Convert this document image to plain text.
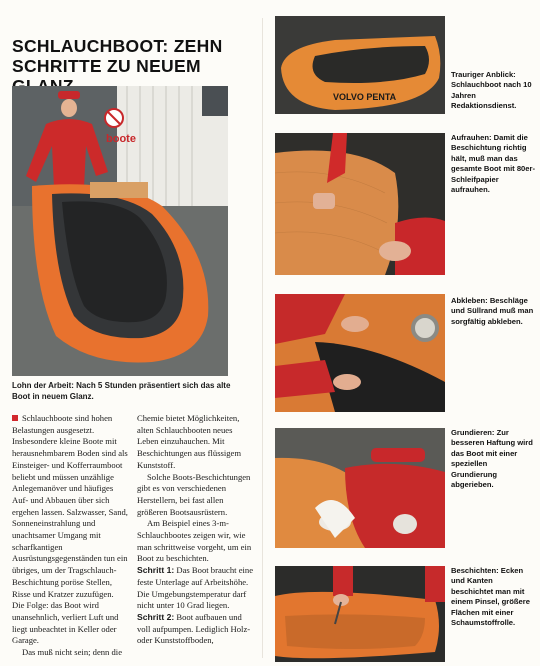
SCHLAUCHBOOT: ZEHN
SCHRITTE ZU NEUEM
boote
Lohn der Arbeit: Nach 5 Stunden präsentiert sich das alte Boot in neuem Glanz.

Schlauchboote sind hohen Belastungen ausgesetzt. Insbesondere kleine Boote mit herausnehmbarem Boden sind als Einsteiger- und Kofferraumboot beliebt und müssen unzählige Anlegemanöver und häufiges Auf- und Abbauen über sich ergehen lassen. Salzwasser, Sand, Sonneneinstrahlung und unachtsamer Umgang mit scharfkantigen Ausrüstungsgegenständen tun ein übriges, um der Tragschlauch-Beschichtung poröse Stellen, Risse und Kratzer zuzufügen. Die Folge: das Boot wird unansehnlich, verliert Luft und liegt unbeachtet in Keller oder Garage.

Das muß nicht sein; denn die

Chemie bietet Möglichkeiten, alten Schlauchbooten neues Leben einzuhauchen. Mit Beschichtungen aus flüssigem Kunststoff.

Solche Boots-Beschichtungen gibt es von verschiedenen Herstellern, bei fast allen größeren Bootsausrüstern.

Am Beispiel eines 3-m-Schlauchbootes zeigen wir, wie man schrittweise vorgeht, um ein Boot zu beschichten.

Schritt 1: Das Boot braucht eine feste Unterlage auf Arbeitshöhe. Die Umgebungstemperatur darf nicht unter 10 Grad liegen.

Schritt 2: Boot aufbauen und voll aufpumpen. Lediglich Holz- oder Kunststoffboden,

VOLVO PENTA
Trauriger Anblick: Schlauchboot nach 10 Jahren Redaktionsdienst.
Aufrauhen: Damit die Beschichtung richtig hält, muß man das gesamte Boot mit 80er-Schleifpapier aufrauhen.
Abkleben: Beschläge und Süllrand muß man sorgfältig abkleben.
Grundieren: Zur besseren Haftung wird das Boot mit einer speziellen Grundierung abgerieben.
Beschichten: Ecken und Kanten beschichtet man mit einem Pinsel, größere Flächen mit einer Schaumstoffrolle.
